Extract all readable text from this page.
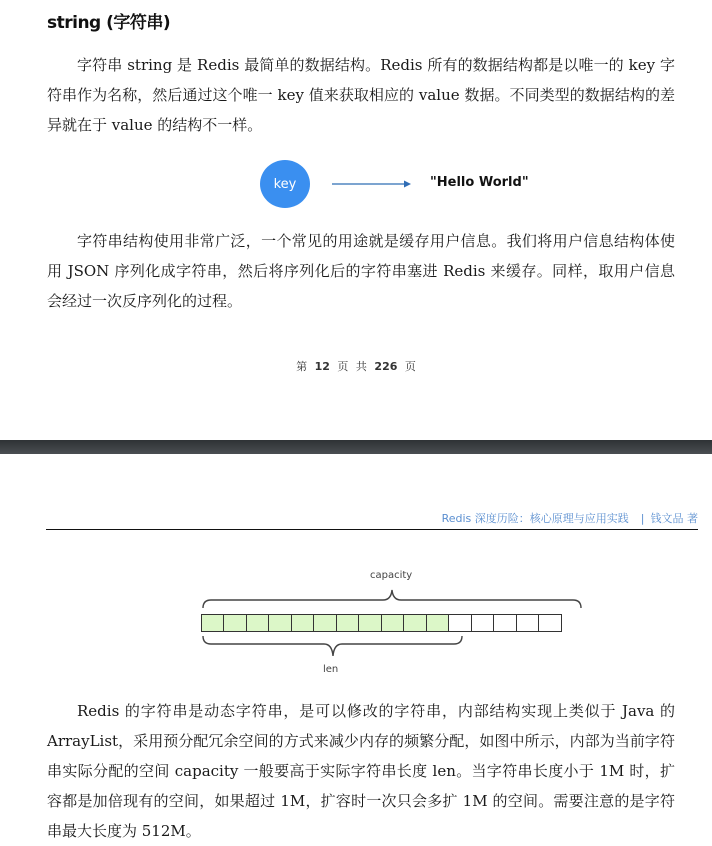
string (字符串)

字符串 string 是 Redis 最简单的数据结构。Redis 所有的数据结构都是以唯一的 key 字符串作为名称，然后通过这个唯一 key 值来获取相应的 value 数据。不同类型的数据结构的差异就在于 value 的结构不一样。

key	"Hello World"

字符串结构使用非常广泛，一个常见的用途就是缓存用户信息。我们将用户信息结构体使用 JSON 序列化成字符串，然后将序列化后的字符串塞进 Redis 来缓存。同样，取用户信息会经过一次反序列化的过程。

第 12 页 共 226 页
Redis 深度历险：核心原理与应用实践 | 钱文品 著
capacity
len

Redis 的字符串是动态字符串，是可以修改的字符串，内部结构实现上类似于 Java 的 ArrayList，采用预分配冗余空间的方式来减少内存的频繁分配，如图中所示，内部为当前字符串实际分配的空间 capacity 一般要高于实际字符串长度 len。当字符串长度小于 1M 时，扩容都是加倍现有的空间，如果超过 1M，扩容时一次只会多扩 1M 的空间。需要注意的是字符串最大长度为 512M。
